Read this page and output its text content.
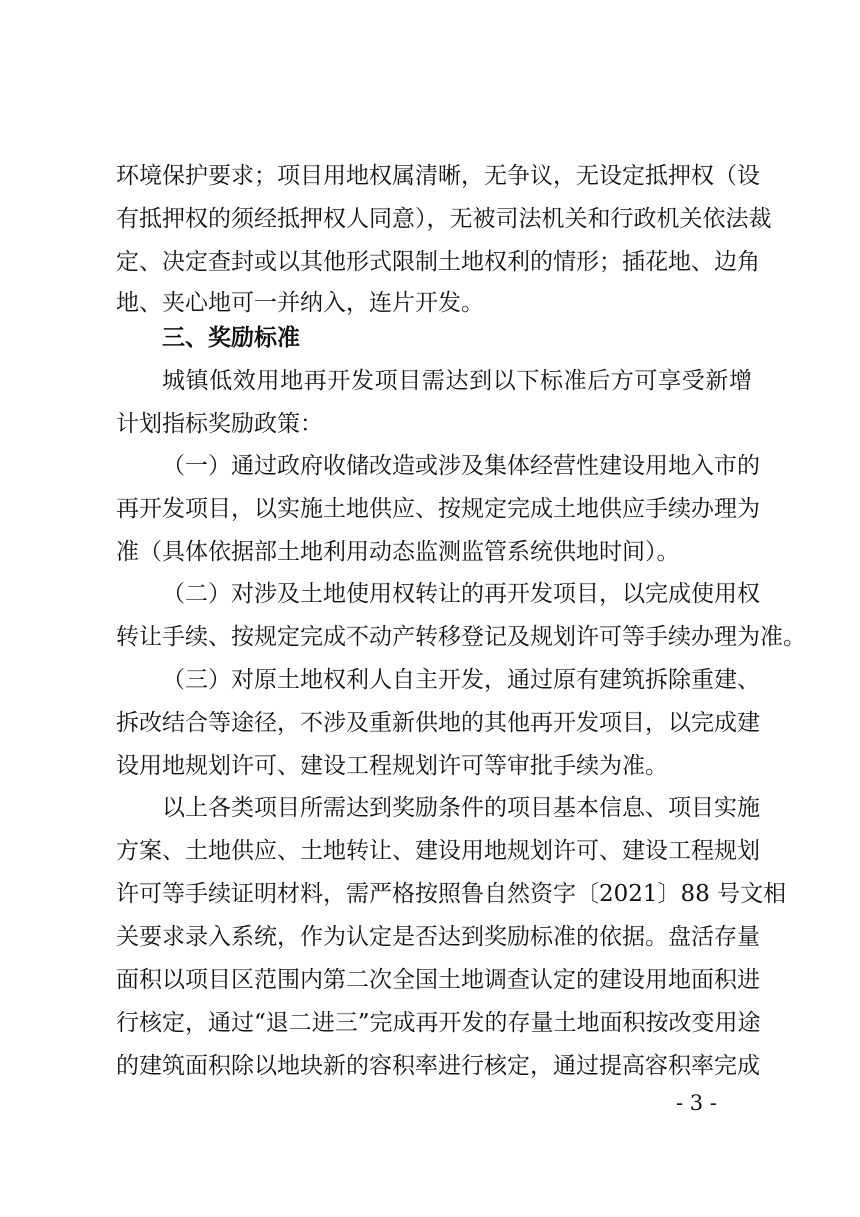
环境保护要求；项目用地权属清晰，无争议，无设定抵押权（设
有抵押权的须经抵押权人同意），无被司法机关和行政机关依法裁
定、决定查封或以其他形式限制土地权利的情形；插花地、边角
地、夹心地可一并纳入，连片开发。
三、奖励标准
城镇低效用地再开发项目需达到以下标准后方可享受新增
计划指标奖励政策：
（一）通过政府收储改造或涉及集体经营性建设用地入市的
再开发项目，以实施土地供应、按规定完成土地供应手续办理为
准（具体依据部土地利用动态监测监管系统供地时间）。
（二）对涉及土地使用权转让的再开发项目，以完成使用权
转让手续、按规定完成不动产转移登记及规划许可等手续办理为准。
（三）对原土地权利人自主开发，通过原有建筑拆除重建、
拆改结合等途径，不涉及重新供地的其他再开发项目，以完成建
设用地规划许可、建设工程规划许可等审批手续为准。
以上各类项目所需达到奖励条件的项目基本信息、项目实施
方案、土地供应、土地转让、建设用地规划许可、建设工程规划
许可等手续证明材料，需严格按照鲁自然资字〔2021〕88 号文相
关要求录入系统，作为认定是否达到奖励标准的依据。盘活存量
面积以项目区范围内第二次全国土地调查认定的建设用地面积进
行核定，通过“退二进三”完成再开发的存量土地面积按改变用途
的建筑面积除以地块新的容积率进行核定，通过提高容积率完成
- 3 -
